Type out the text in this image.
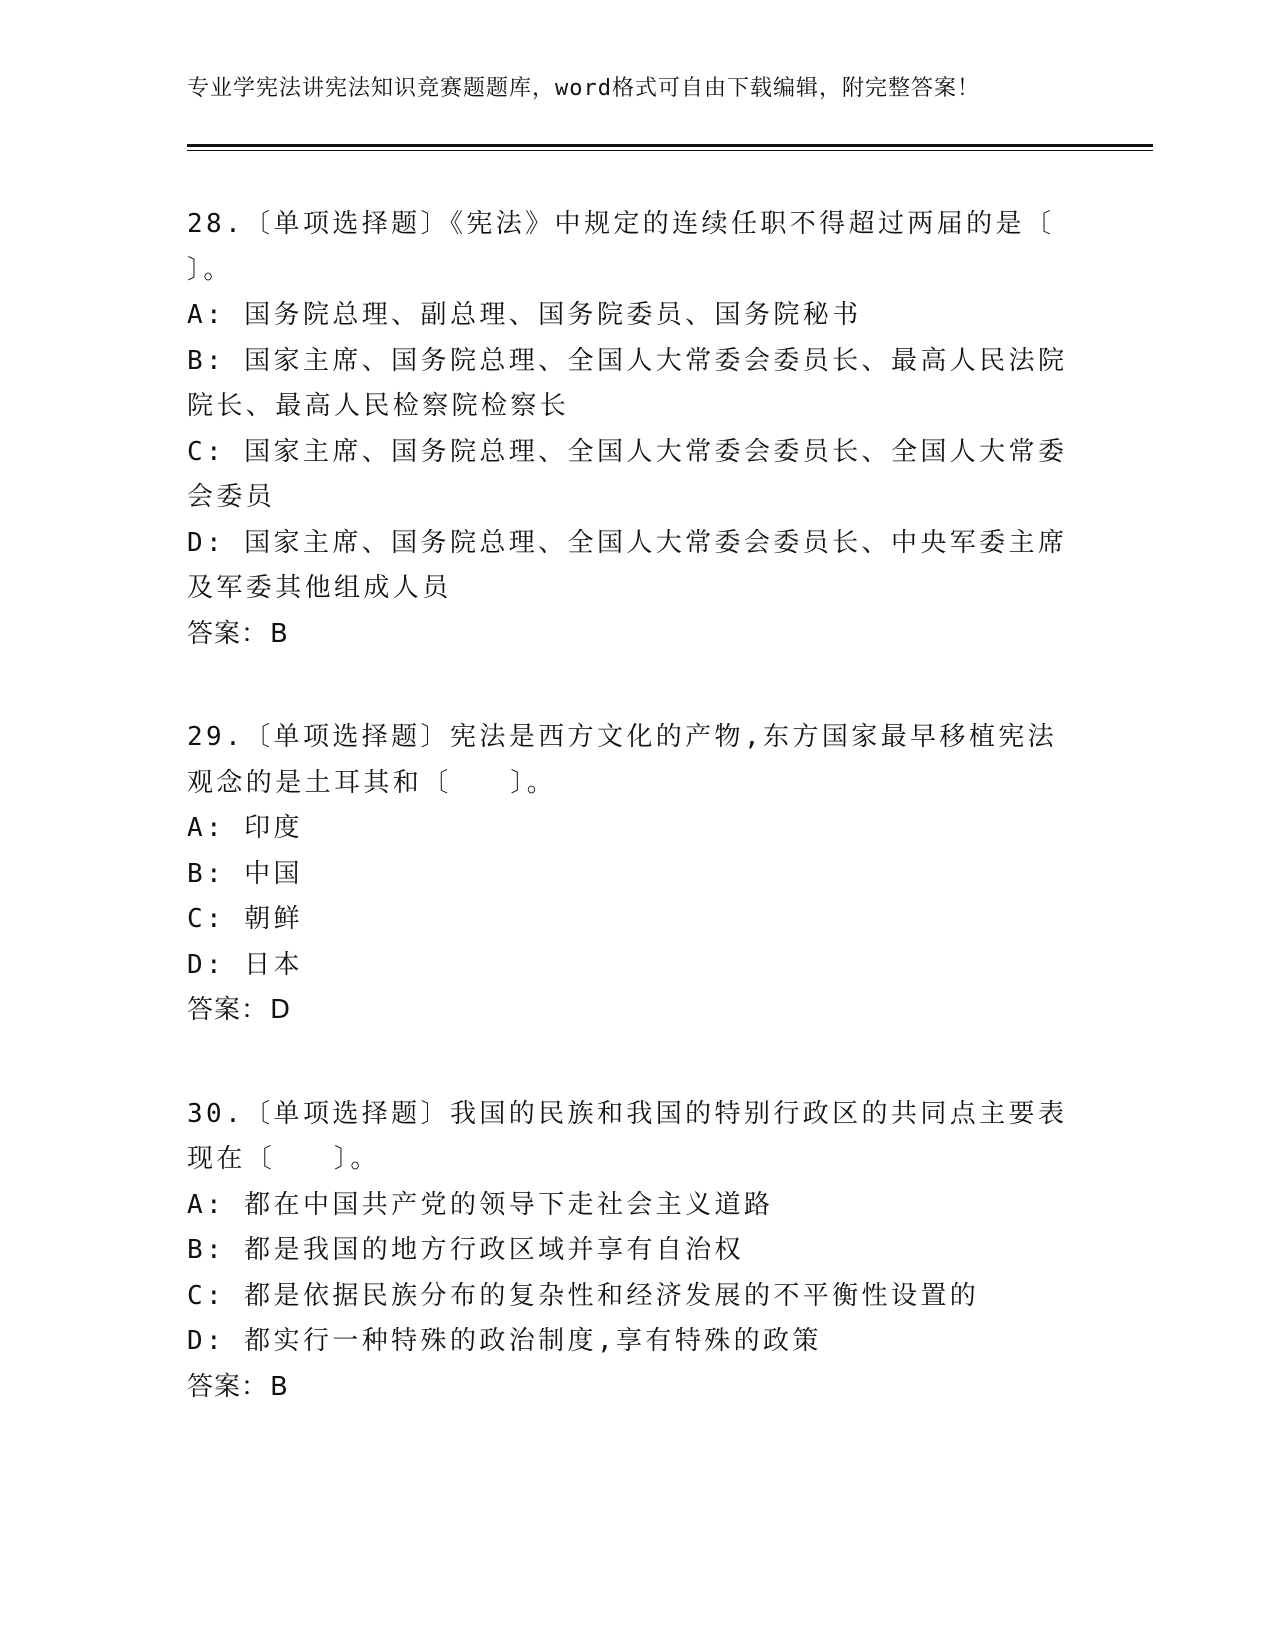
专业学宪法讲宪法知识竞赛题题库，word格式可自由下载编辑，附完整答案！

28.〔单项选择题〕《宪法》中规定的连续任职不得超过两届的是〔 〕。

A: 国务院总理、副总理、国务院委员、国务院秘书

B: 国家主席、国务院总理、全国人大常委会委员长、最高人民法院院长、最高人民检察院检察长

C: 国家主席、国务院总理、全国人大常委会委员长、全国人大常委会委员

D: 国家主席、国务院总理、全国人大常委会委员长、中央军委主席及军委其他组成人员

答案：B

29.〔单项选择题〕宪法是西方文化的产物,东方国家最早移植宪法观念的是土耳其和〔　　〕。

A: 印度

B: 中国

C: 朝鲜

D: 日本

答案：D

30.〔单项选择题〕我国的民族和我国的特别行政区的共同点主要表现在〔　　〕。

A: 都在中国共产党的领导下走社会主义道路

B: 都是我国的地方行政区域并享有自治权

C: 都是依据民族分布的复杂性和经济发展的不平衡性设置的

D: 都实行一种特殊的政治制度,享有特殊的政策

答案：B
